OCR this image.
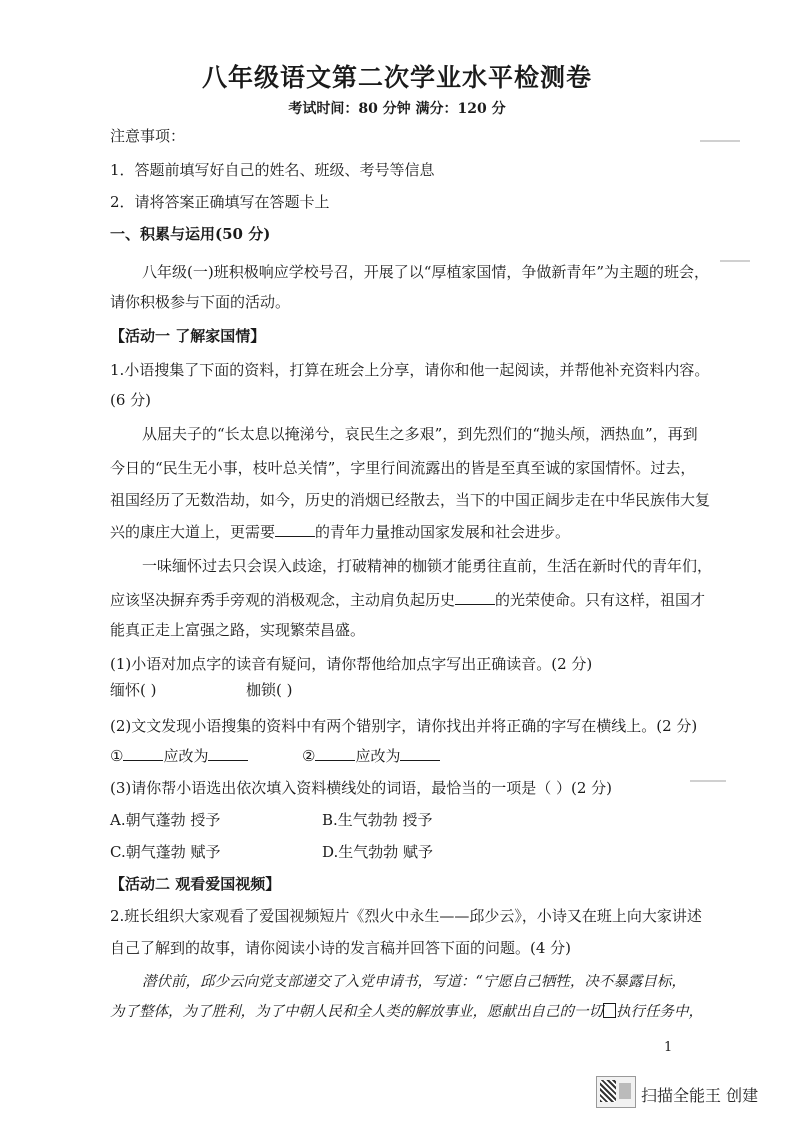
八年级语文第二次学业水平检测卷
考试时间：80 分钟 满分：120 分
注意事项：
1．答题前填写好自己的姓名、班级、考号等信息
2．请将答案正确填写在答题卡上
一、积累与运用(50 分)
八年级(一)班积极响应学校号召，开展了以“厚植家国情，争做新青年”为主题的班会，
请你积极参与下面的活动。
【活动一 了解家国情】
1.小语搜集了下面的资料，打算在班会上分享，请你和他一起阅读，并帮他补充资料内容。
(6 分)
从屈夫子的“长太息以掩涕兮，哀民生之多艰”，到先烈们的“抛头颅，洒热血”，再到
今日的“民生无小事，枝叶总关情”，字里行间流露出的皆是至真至诚的家国情怀。过去，
祖国经历了无数浩劫，如今，历史的消烟已经散去，当下的中国正阔步走在中华民族伟大复
兴的康庄大道上，更需要	的青年力量推动国家发展和社会进步。
一味缅怀过去只会误入歧途，打破精神的枷锁才能勇往直前，生活在新时代的青年们，
应该坚决摒弃秀手旁观的消极观念，主动肩负起历史	的光荣使命。只有这样，祖国才
能真正走上富强之路，实现繁荣昌盛。
(1)小语对加点字的读音有疑问，请你帮他给加点字写出正确读音。(2 分)
缅怀( )	枷锁( )
(2)文文发现小语搜集的资料中有两个错别字，请你找出并将正确的字写在横线上。(2 分)
①	应改为	②	应改为
(3)请你帮小语选出依次填入资料横线处的词语，最恰当的一项是（ ）(2 分)
A.朝气蓬勃 授予	B.生气勃勃 授予
C.朝气蓬勃 赋予	D.生气勃勃 赋予
【活动二 观看爱国视频】
2.班长组织大家观看了爱国视频短片《烈火中永生——邱少云》，小诗又在班上向大家讲述
自己了解到的故事，请你阅读小诗的发言稿并回答下面的问题。(4 分)
潜伏前，邱少云向党支部递交了入党申请书，写道：“宁愿自己牺牲，决不暴露目标，
为了整体，为了胜利，为了中朝人民和全人类的解放事业，愿献出自己的一切 执行任务中，
1
扫描全能王 创建
